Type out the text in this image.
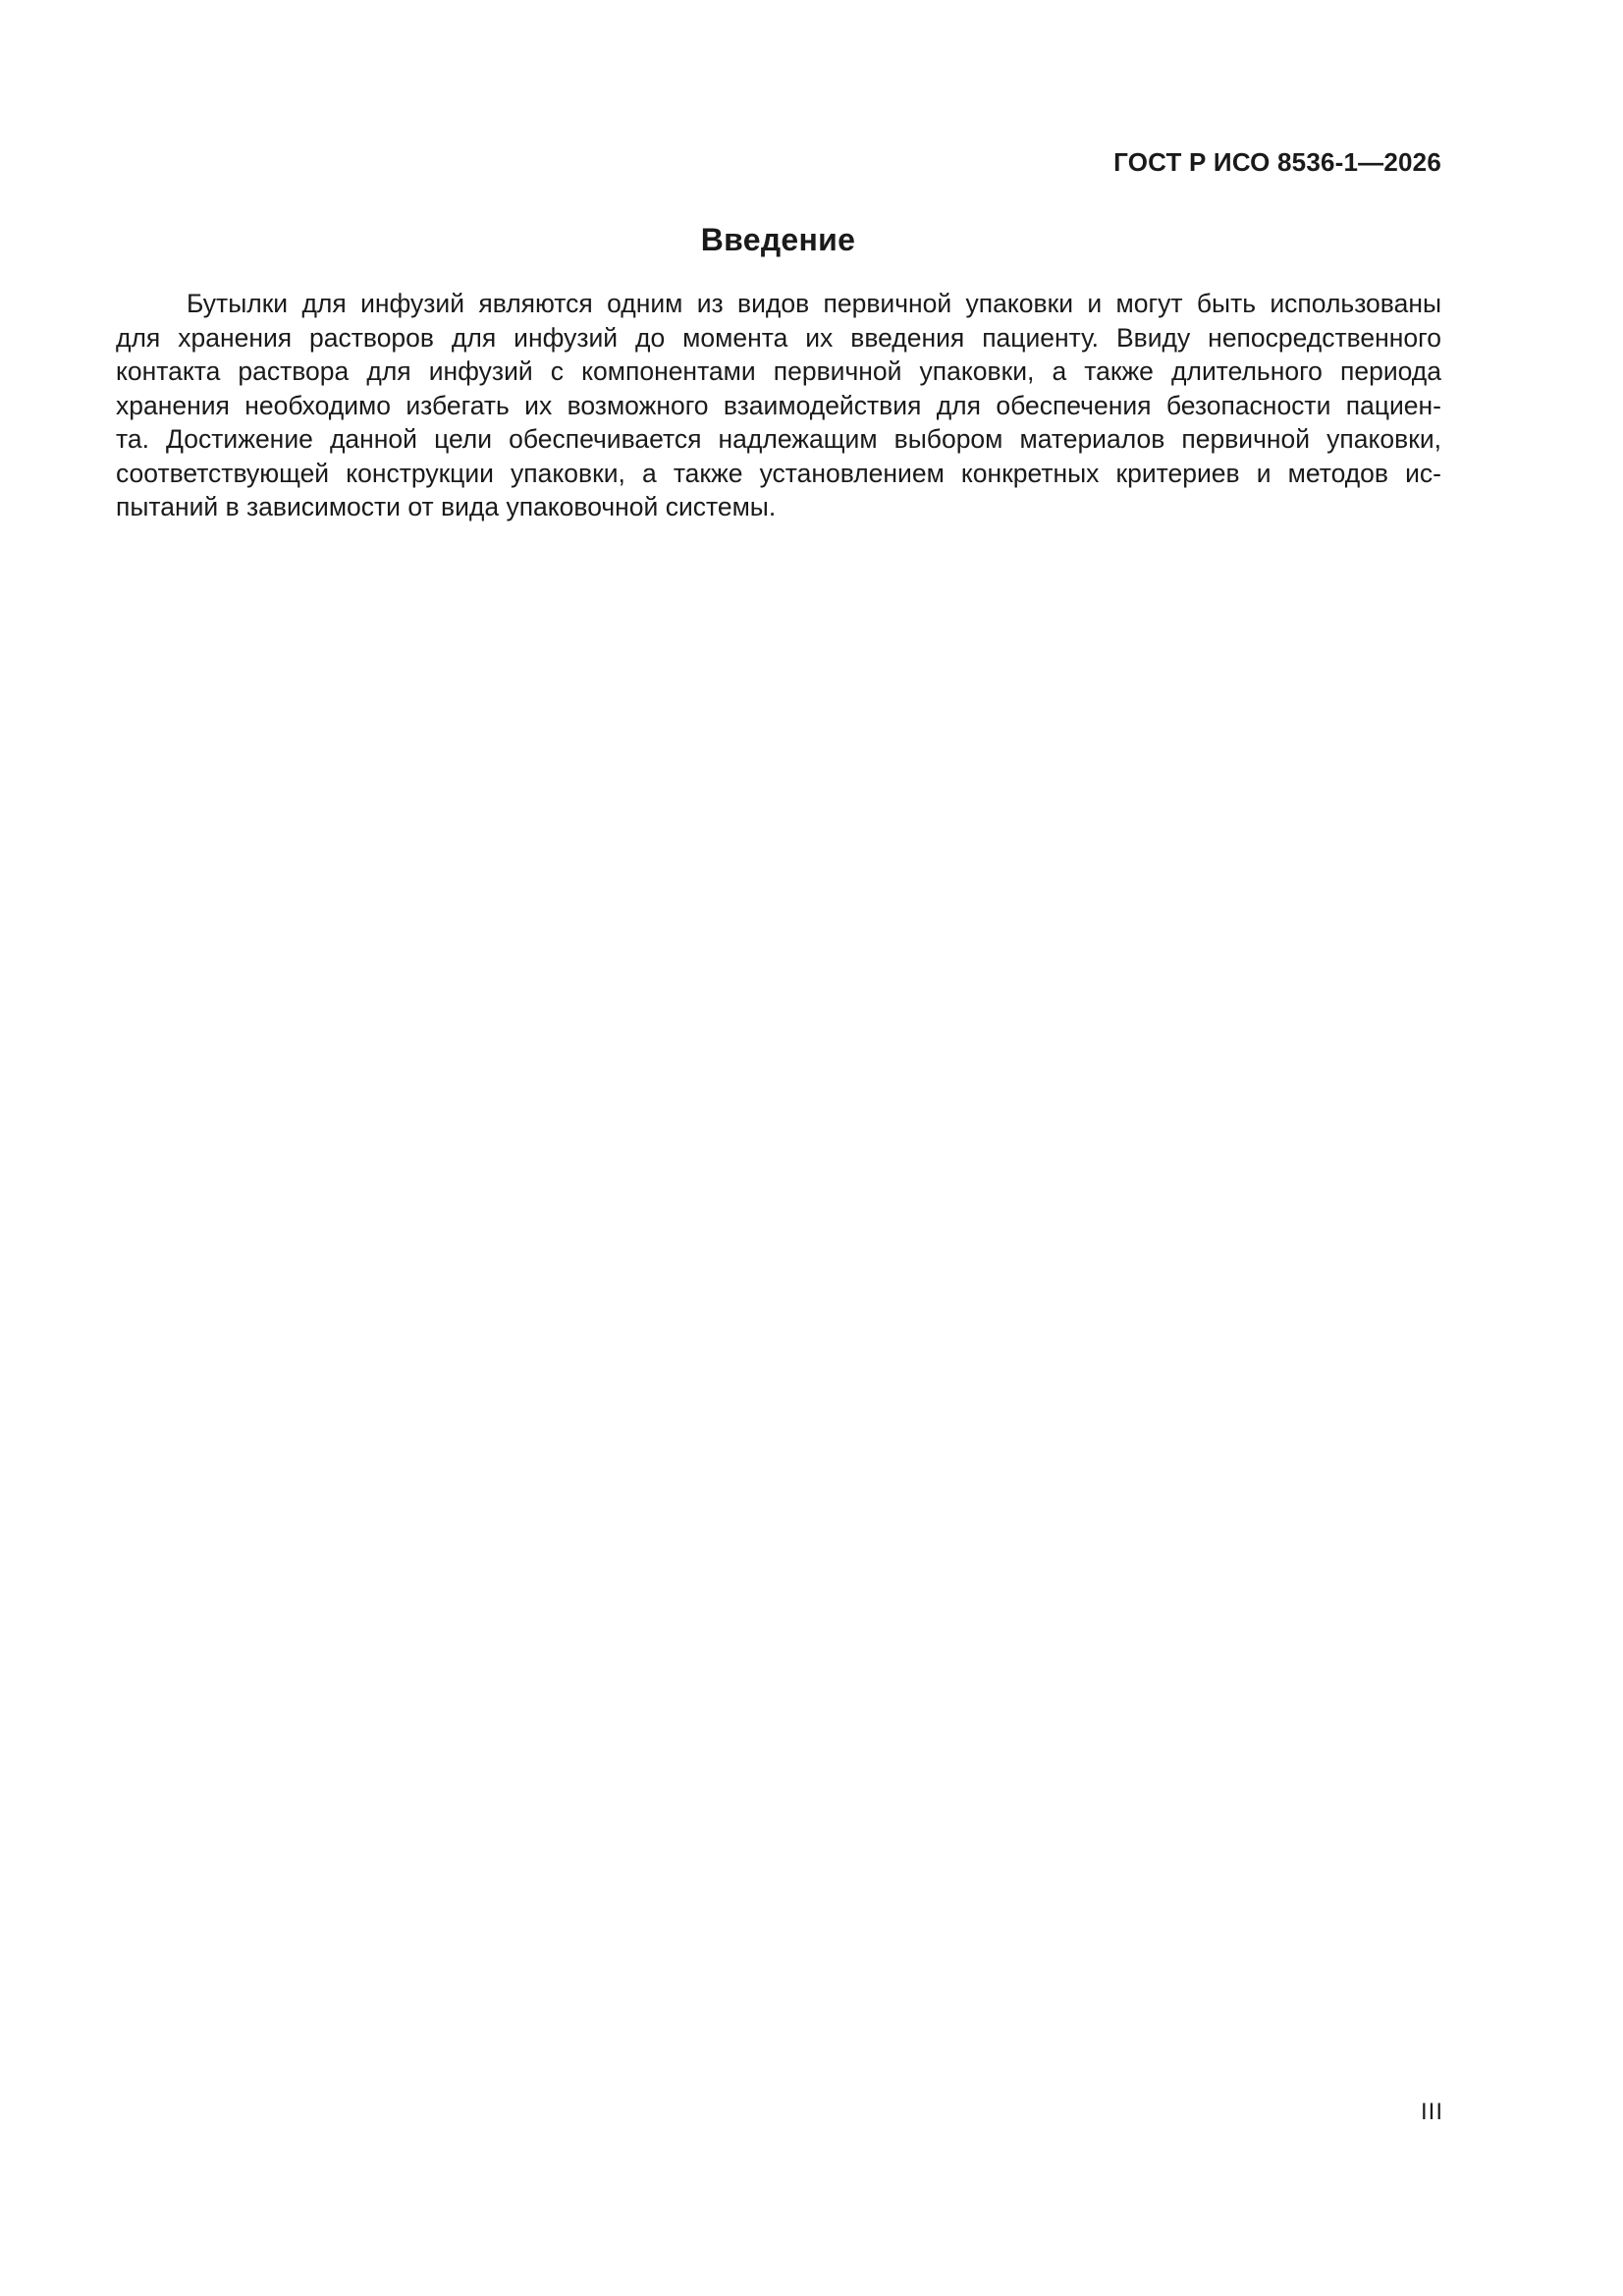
ГОСТ Р ИСО 8536-1—2026
Введение
Бутылки для инфузий являются одним из видов первичной упаковки и могут быть использованы
для хранения растворов для инфузий до момента их введения пациенту. Ввиду непосредственного
контакта раствора для инфузий с компонентами первичной упаковки, а также длительного периода
хранения необходимо избегать их возможного взаимодействия для обеспечения безопасности пациен-
та. Достижение данной цели обеспечивается надлежащим выбором материалов первичной упаковки,
соответствующей конструкции упаковки, а также установлением конкретных критериев и методов ис-
пытаний в зависимости от вида упаковочной системы.
III
